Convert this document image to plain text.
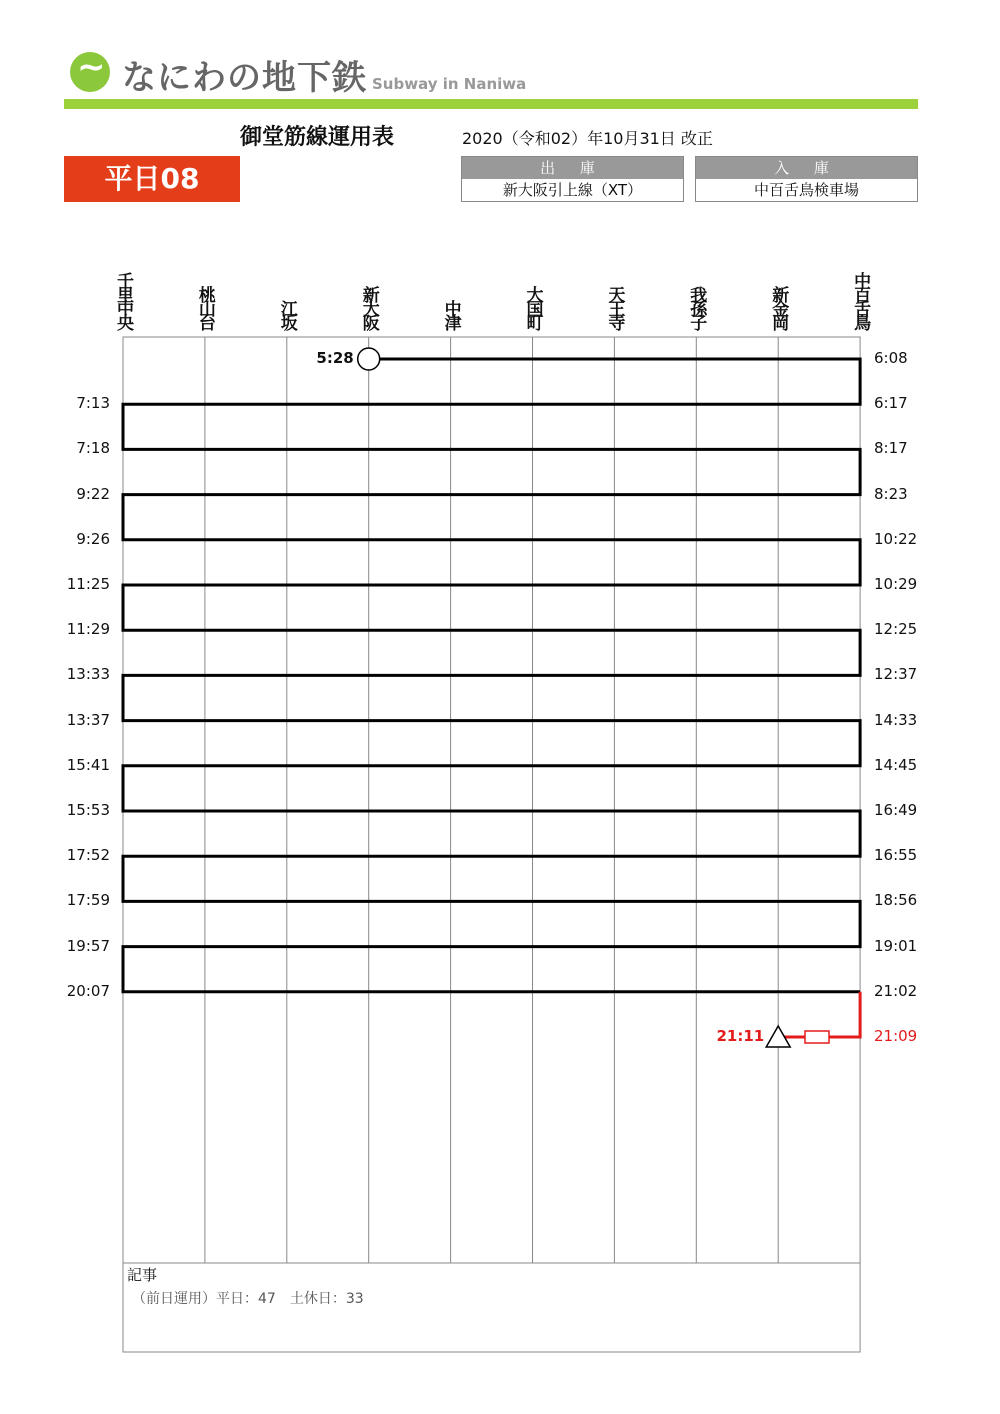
~
なにわの地下鉄 Subway in Naniwa
御堂筋線運用表	2020（令和02）年10月31日 改正
平日08	出 庫
新大阪引上線（XT）
入 庫
中百舌鳥検車場
千里中央	桃山台	江坂	新大阪	中津	大国町	天王寺	我孫子	新金岡	中百舌鳥
6:08
6:17
8:17
8:23
10:22
10:29
12:25
12:37
14:33
14:45
16:49
16:55
18:56
19:01
21:02
7:13
7:18
9:22
9:26
11:25
11:29
13:33
13:37
15:41
15:53
17:52
17:59
19:57
20:07
5:28
21:09
21:11
記事
（前日運用）平日：47　土休日：33
